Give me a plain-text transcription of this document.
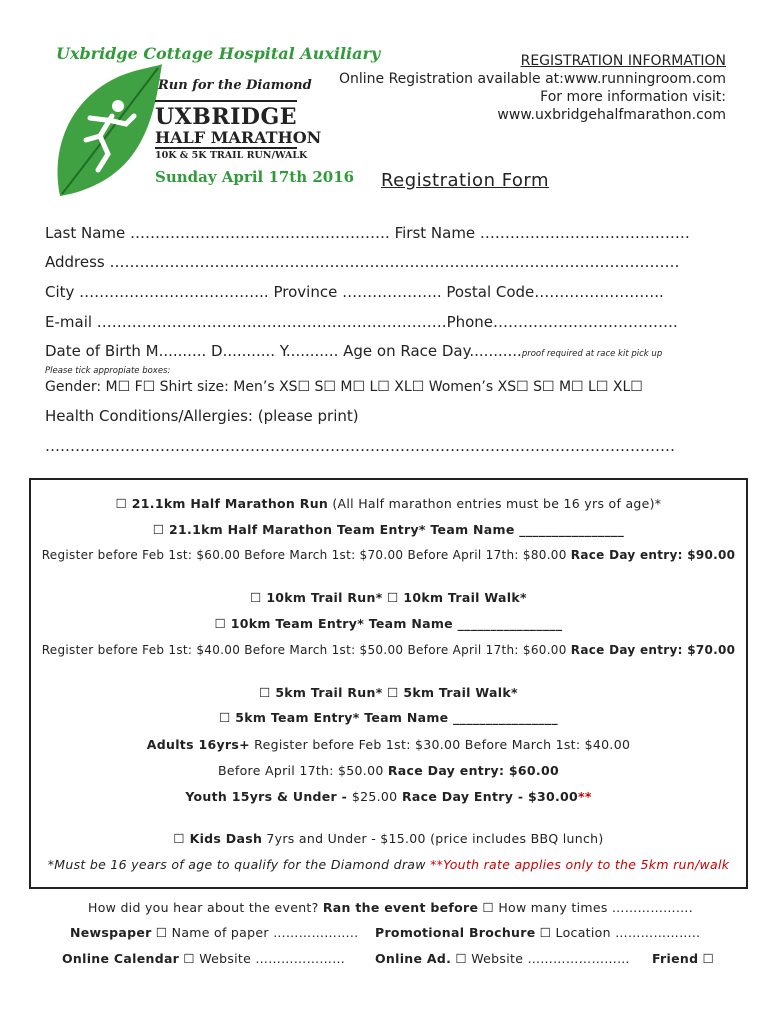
Uxbridge Cottage Hospital Auxiliary
Run for the Diamond
UXBRIDGE
HALF MARATHON
10K & 5K TRAIL RUN/WALK
Sunday April 17th 2016
REGISTRATION INFORMATION
Online Registration available at:www.runningroom.com
For more information visit:
www.uxbridgehalfmarathon.com
Registration Form
Last Name ……………………………………………. First Name ……………………………………
Address ……………………………………………………………………………………………………
City ……………………………….. Province ……………….. Postal Code……………………..
E-mail …………………………………………………………….Phone……………………………….
Date of Birth M.......... D........... Y........... Age on Race Day...........proof required at race kit pick up
Please tick appropiate boxes:
Gender: M☐ F☐ Shirt size: Men’s XS☐ S☐ M☐ L☐ XL☐ Women’s XS☐ S☐ M☐ L☐ XL☐
Health Conditions/Allergies: (please print)
………………………………………………………………………………………………………………
☐ 21.1km Half Marathon Run (All Half marathon entries must be 16 yrs of age)*
☐ 21.1km Half Marathon Team Entry* Team Name ________________
Register before Feb 1st: $60.00 Before March 1st: $70.00 Before April 17th: $80.00 Race Day entry: $90.00
☐ 10km Trail Run* ☐ 10km Trail Walk*
☐ 10km Team Entry* Team Name ________________
Register before Feb 1st: $40.00 Before March 1st: $50.00 Before April 17th: $60.00 Race Day entry: $70.00
☐ 5km Trail Run* ☐ 5km Trail Walk*
☐ 5km Team Entry* Team Name ________________
Adults 16yrs+ Register before Feb 1st: $30.00 Before March 1st: $40.00
Before April 17th: $50.00 Race Day entry: $60.00
Youth 15yrs & Under - $25.00 Race Day Entry - $30.00**
☐ Kids Dash 7yrs and Under - $15.00 (price includes BBQ lunch)
*Must be 16 years of age to qualify for the Diamond draw **Youth rate applies only to the 5km run/walk
How did you hear about the event? Ran the event before ☐ How many times ……………….
Newspaper ☐ Name of paper ……………….. Promotional Brochure ☐ Location ………………..
Online Calendar ☐ Website ………………… Online Ad. ☐ Website …………………… Friend ☐
